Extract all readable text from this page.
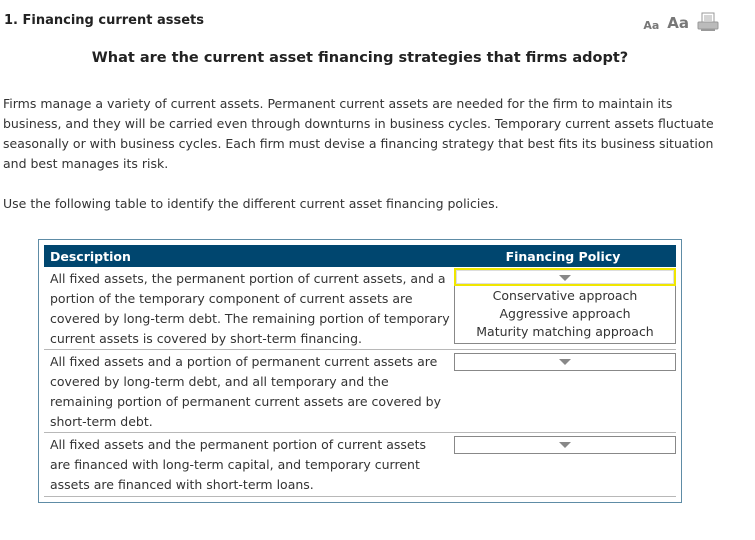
1. Financing current assets	Aa Aa
What are the current asset financing strategies that firms adopt?
Firms manage a variety of current assets. Permanent current assets are needed for the firm to maintain its business, and they will be carried even through downturns in business cycles. Temporary current assets fluctuate seasonally or with business cycles. Each firm must devise a financing strategy that best fits its business situation and best manages its risk.
Use the following table to identify the different current asset financing policies.
Description	Financing Policy
All fixed assets, the permanent portion of current assets, and a portion of the temporary component of current assets are covered by long-term debt. The remaining portion of temporary current assets is covered by short-term financing.
Conservative approach
Aggressive approach
Maturity matching approach
All fixed assets and a portion of permanent current assets are covered by long-term debt, and all temporary and the remaining portion of permanent current assets are covered by short-term debt.
All fixed assets and the permanent portion of current assets are financed with long-term capital, and temporary current assets are financed with short-term loans.
